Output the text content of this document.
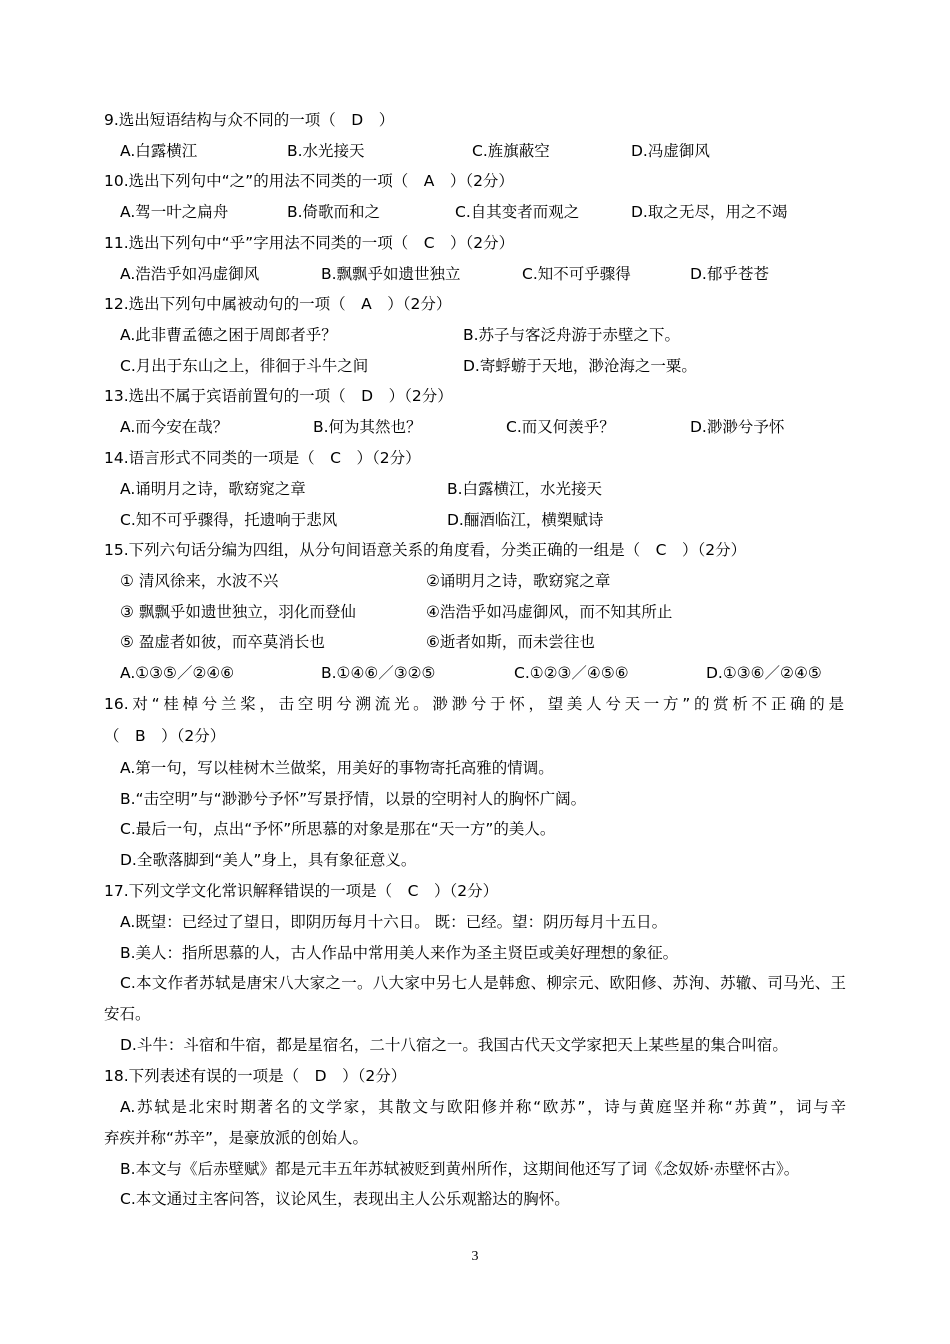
9.选出短语结构与众不同的一项（　D　）
A.白露横江	B.水光接天	C.旌旗蔽空	D.冯虚御风
10.选出下列句中“之”的用法不同类的一项（　A　）（2分）
A.驾一叶之扁舟	B.倚歌而和之	C.自其变者而观之	D.取之无尽，用之不竭
11.选出下列句中“乎”字用法不同类的一项（　C　）（2分）
A.浩浩乎如冯虚御风	B.飘飘乎如遗世独立	C.知不可乎骤得	D.郁乎苍苍
12.选出下列句中属被动句的一项（　A　）（2分）
A.此非曹孟德之困于周郎者乎？	B.苏子与客泛舟游于赤壁之下。
C.月出于东山之上，徘徊于斗牛之间	D.寄蜉蝣于天地，渺沧海之一粟。
13.选出不属于宾语前置句的一项（　D　）（2分）
A.而今安在哉？	B.何为其然也？	C.而又何羡乎？	D.渺渺兮予怀
14.语言形式不同类的一项是（　C　）（2分）
A.诵明月之诗，歌窈窕之章	B.白露横江，水光接天
C.知不可乎骤得，托遗响于悲风	D.酾酒临江，横槊赋诗
15.下列六句话分编为四组，从分句间语意关系的角度看，分类正确的一组是（　C　）（2分）
① 清风徐来，水波不兴	②诵明月之诗，歌窈窕之章
③ 飘飘乎如遗世独立，羽化而登仙	④浩浩乎如冯虚御风，而不知其所止
⑤ 盈虚者如彼，而卒莫消长也	⑥逝者如斯，而未尝往也
A.①③⑤／②④⑥	B.①④⑥／③②⑤	C.①②③／④⑤⑥	D.①③⑥／②④⑤
16.对“桂棹兮兰桨，击空明兮溯流光。渺渺兮于怀，望美人兮天一方”的赏析不正确的是
（　B　）（2分）
A.第一句，写以桂树木兰做桨，用美好的事物寄托高雅的情调。
B.“击空明”与“渺渺兮予怀”写景抒情，以景的空明衬人的胸怀广阔。
C.最后一句，点出“予怀”所思慕的对象是那在“天一方”的美人。
D.全歌落脚到“美人”身上，具有象征意义。
17.下列文学文化常识解释错误的一项是（　C　）（2分）
A.既望：已经过了望日，即阴历每月十六日。 既：已经。望：阴历每月十五日。
B.美人：指所思慕的人，古人作品中常用美人来作为圣主贤臣或美好理想的象征。
C.本文作者苏轼是唐宋八大家之一。八大家中另七人是韩愈、柳宗元、欧阳修、苏洵、苏辙、司马光、王
安石。
D.斗牛：斗宿和牛宿，都是星宿名，二十八宿之一。我国古代天文学家把天上某些星的集合叫宿。
18.下列表述有误的一项是（　D　）（2分）
A.苏轼是北宋时期著名的文学家，其散文与欧阳修并称“欧苏”，诗与黄庭坚并称“苏黄”，词与辛
弃疾并称“苏辛”，是豪放派的创始人。
B.本文与《后赤壁赋》都是元丰五年苏轼被贬到黄州所作，这期间他还写了词《念奴娇·赤壁怀古》。
C.本文通过主客问答，议论风生，表现出主人公乐观豁达的胸怀。
3
